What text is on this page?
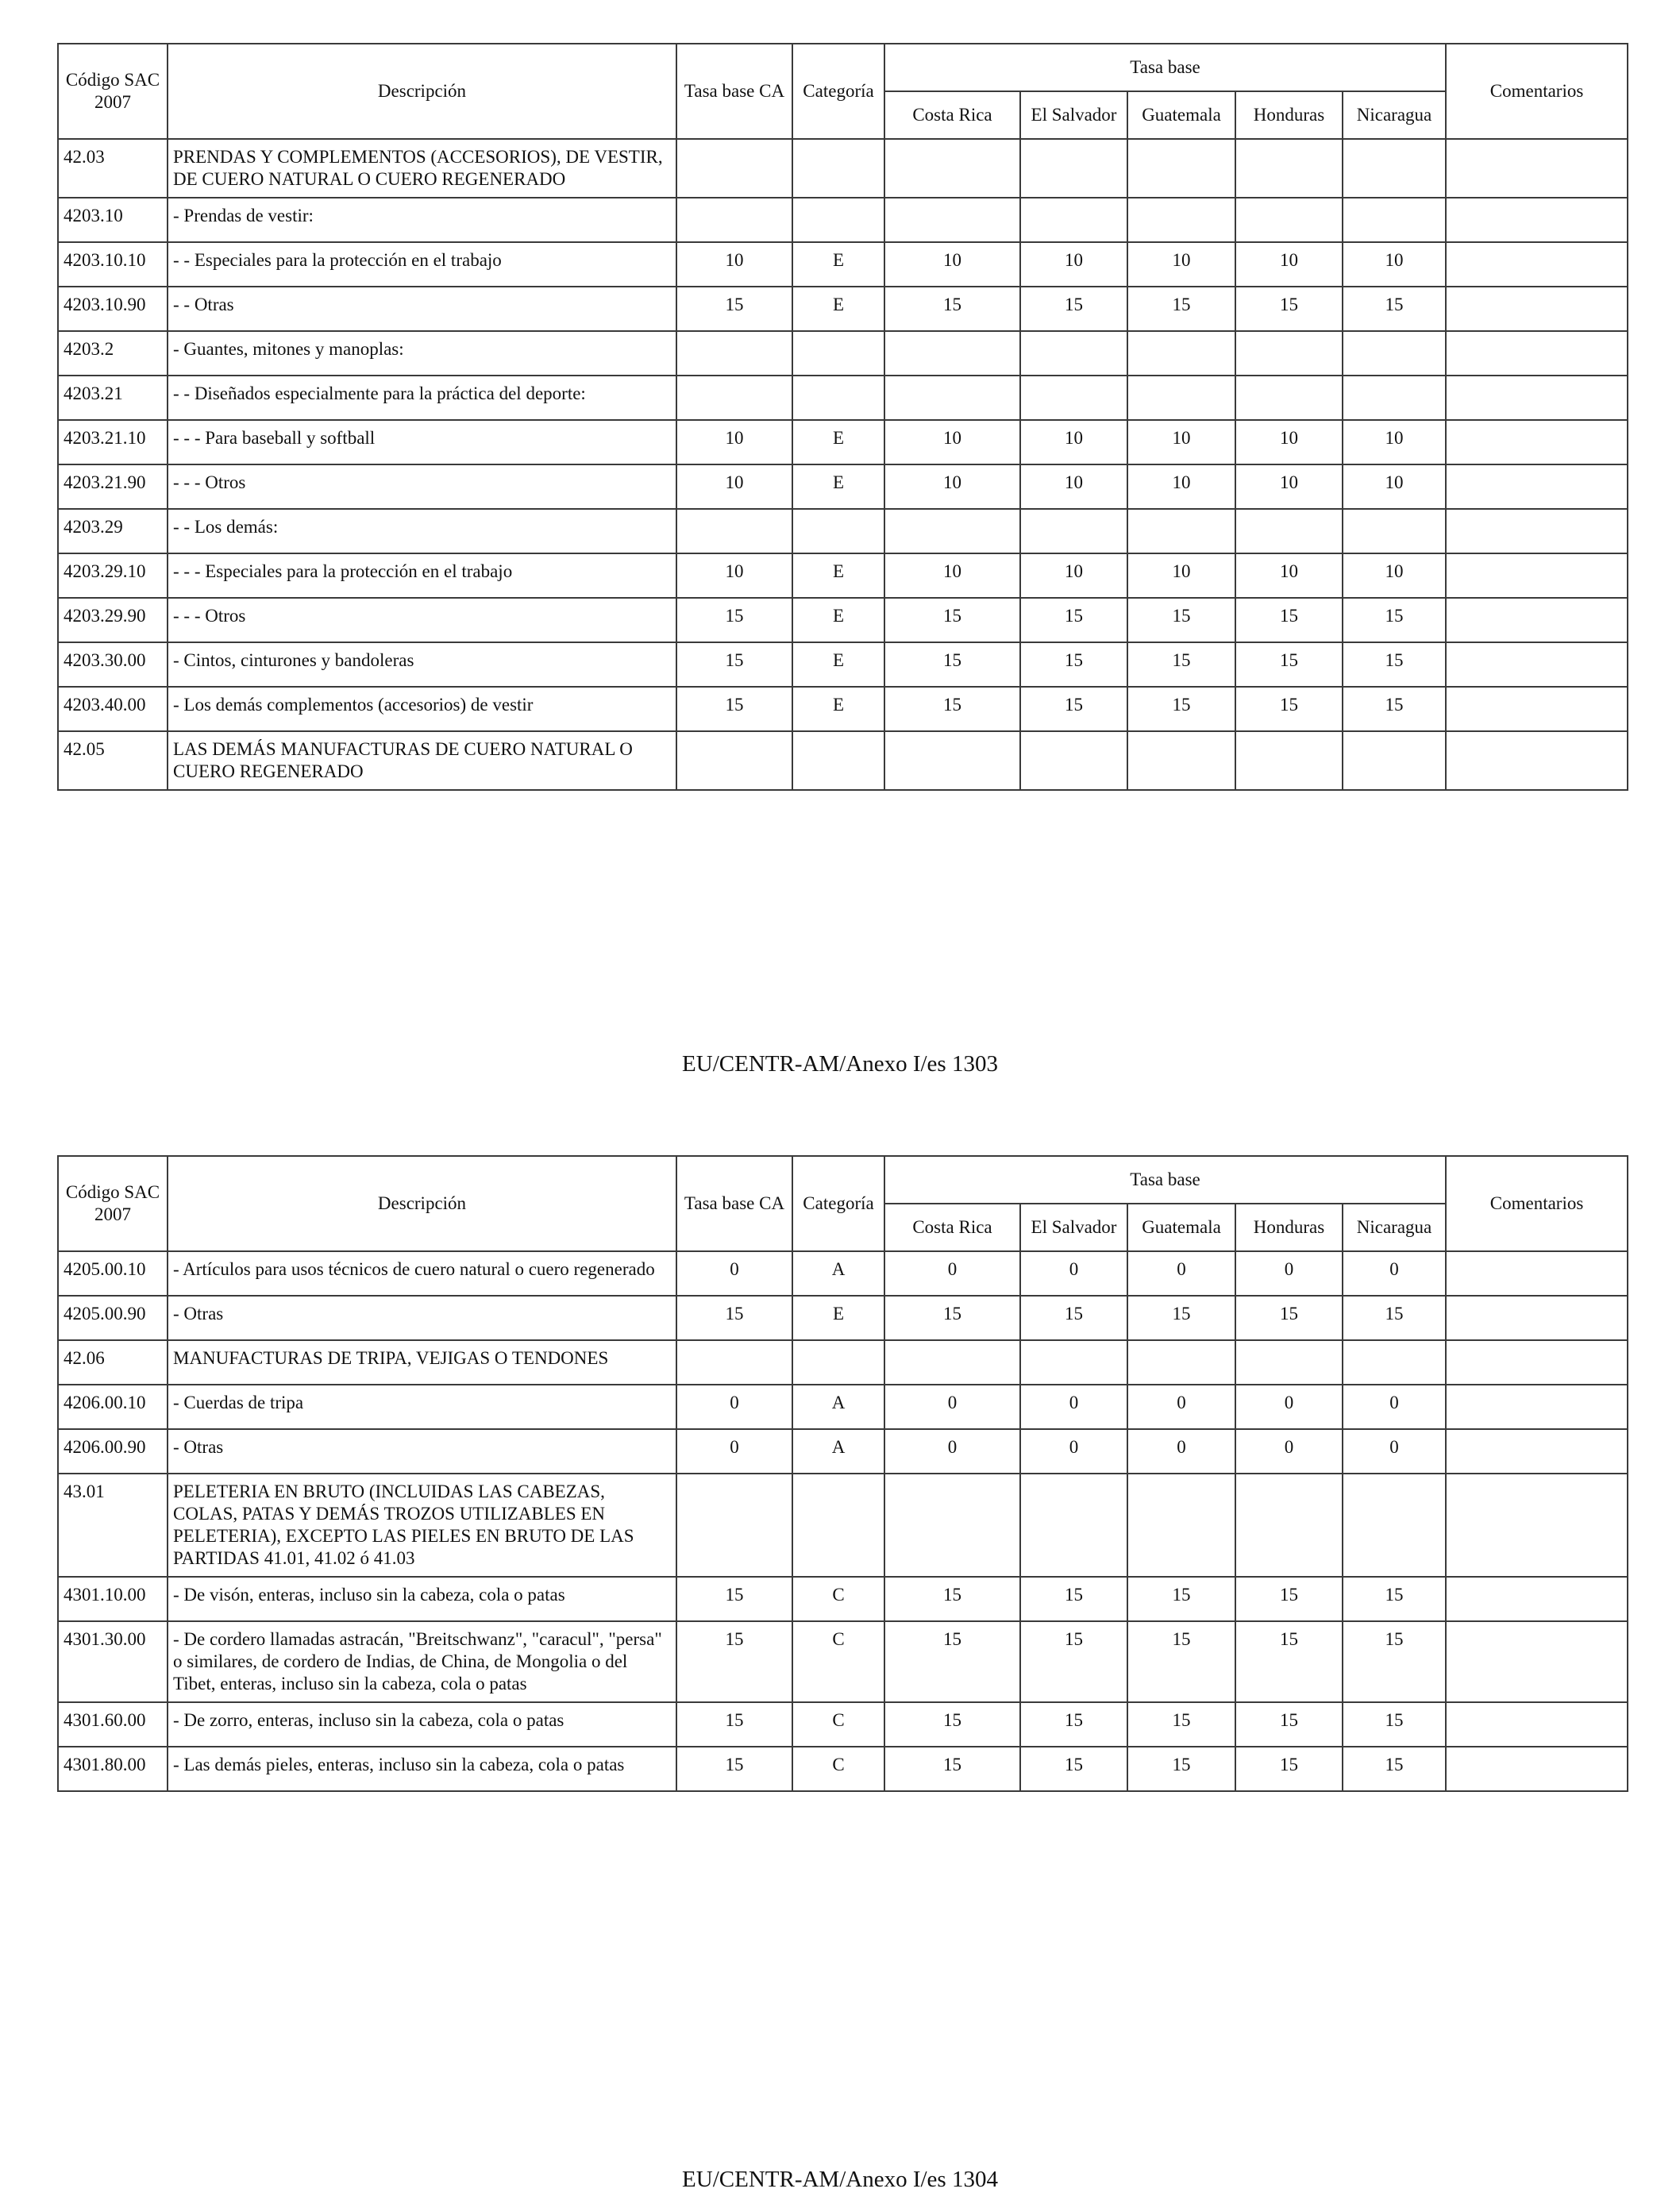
Código SAC 2007	Descripción	Tasa base CA	Categoría	Tasa base					Comentarios
				Costa Rica	El Salvador	Guatemala	Honduras	Nicaragua	
42.03	PRENDAS Y COMPLEMENTOS (ACCESORIOS), DE VESTIR, DE CUERO NATURAL O CUERO REGENERADO								
4203.10	- Prendas de vestir:								
4203.10.10	- - Especiales para la protección en el trabajo	10	E	10	10	10	10	10	
4203.10.90	- - Otras	15	E	15	15	15	15	15	
4203.2	- Guantes, mitones y manoplas:								
4203.21	- - Diseñados especialmente para la práctica del deporte:								
4203.21.10	- - - Para baseball y softball	10	E	10	10	10	10	10	
4203.21.90	- - - Otros	10	E	10	10	10	10	10	
4203.29	- - Los demás:								
4203.29.10	- - - Especiales para la protección en el trabajo	10	E	10	10	10	10	10	
4203.29.90	- - - Otros	15	E	15	15	15	15	15	
4203.30.00	- Cintos, cinturones y bandoleras	15	E	15	15	15	15	15	
4203.40.00	- Los demás complementos (accesorios) de vestir	15	E	15	15	15	15	15	
42.05	LAS DEMÁS MANUFACTURAS DE CUERO NATURAL O CUERO REGENERADO								
EU/CENTR-AM/Anexo I/es 1303
Código SAC 2007	Descripción	Tasa base CA	Categoría	Tasa base					Comentarios
				Costa Rica	El Salvador	Guatemala	Honduras	Nicaragua	
4205.00.10	- Artículos para usos técnicos de cuero natural o cuero regenerado	0	A	0	0	0	0	0	
4205.00.90	- Otras	15	E	15	15	15	15	15	
42.06	MANUFACTURAS DE TRIPA, VEJIGAS O TENDONES								
4206.00.10	- Cuerdas de tripa	0	A	0	0	0	0	0	
4206.00.90	- Otras	0	A	0	0	0	0	0	
43.01	PELETERIA EN BRUTO (INCLUIDAS LAS CABEZAS, COLAS, PATAS Y DEMÁS TROZOS UTILIZABLES EN PELETERIA), EXCEPTO LAS PIELES EN BRUTO DE LAS PARTIDAS 41.01, 41.02 ó 41.03								
4301.10.00	- De visón, enteras, incluso sin la cabeza, cola o patas	15	C	15	15	15	15	15	
4301.30.00	- De cordero llamadas astracán, "Breitschwanz", "caracul", "persa" o similares, de cordero de Indias, de China, de Mongolia o del Tibet, enteras, incluso sin la cabeza, cola o patas	15	C	15	15	15	15	15	
4301.60.00	- De zorro, enteras, incluso sin la cabeza, cola o patas	15	C	15	15	15	15	15	
4301.80.00	- Las demás pieles, enteras, incluso sin la cabeza, cola o patas	15	C	15	15	15	15	15	
EU/CENTR-AM/Anexo I/es 1304
